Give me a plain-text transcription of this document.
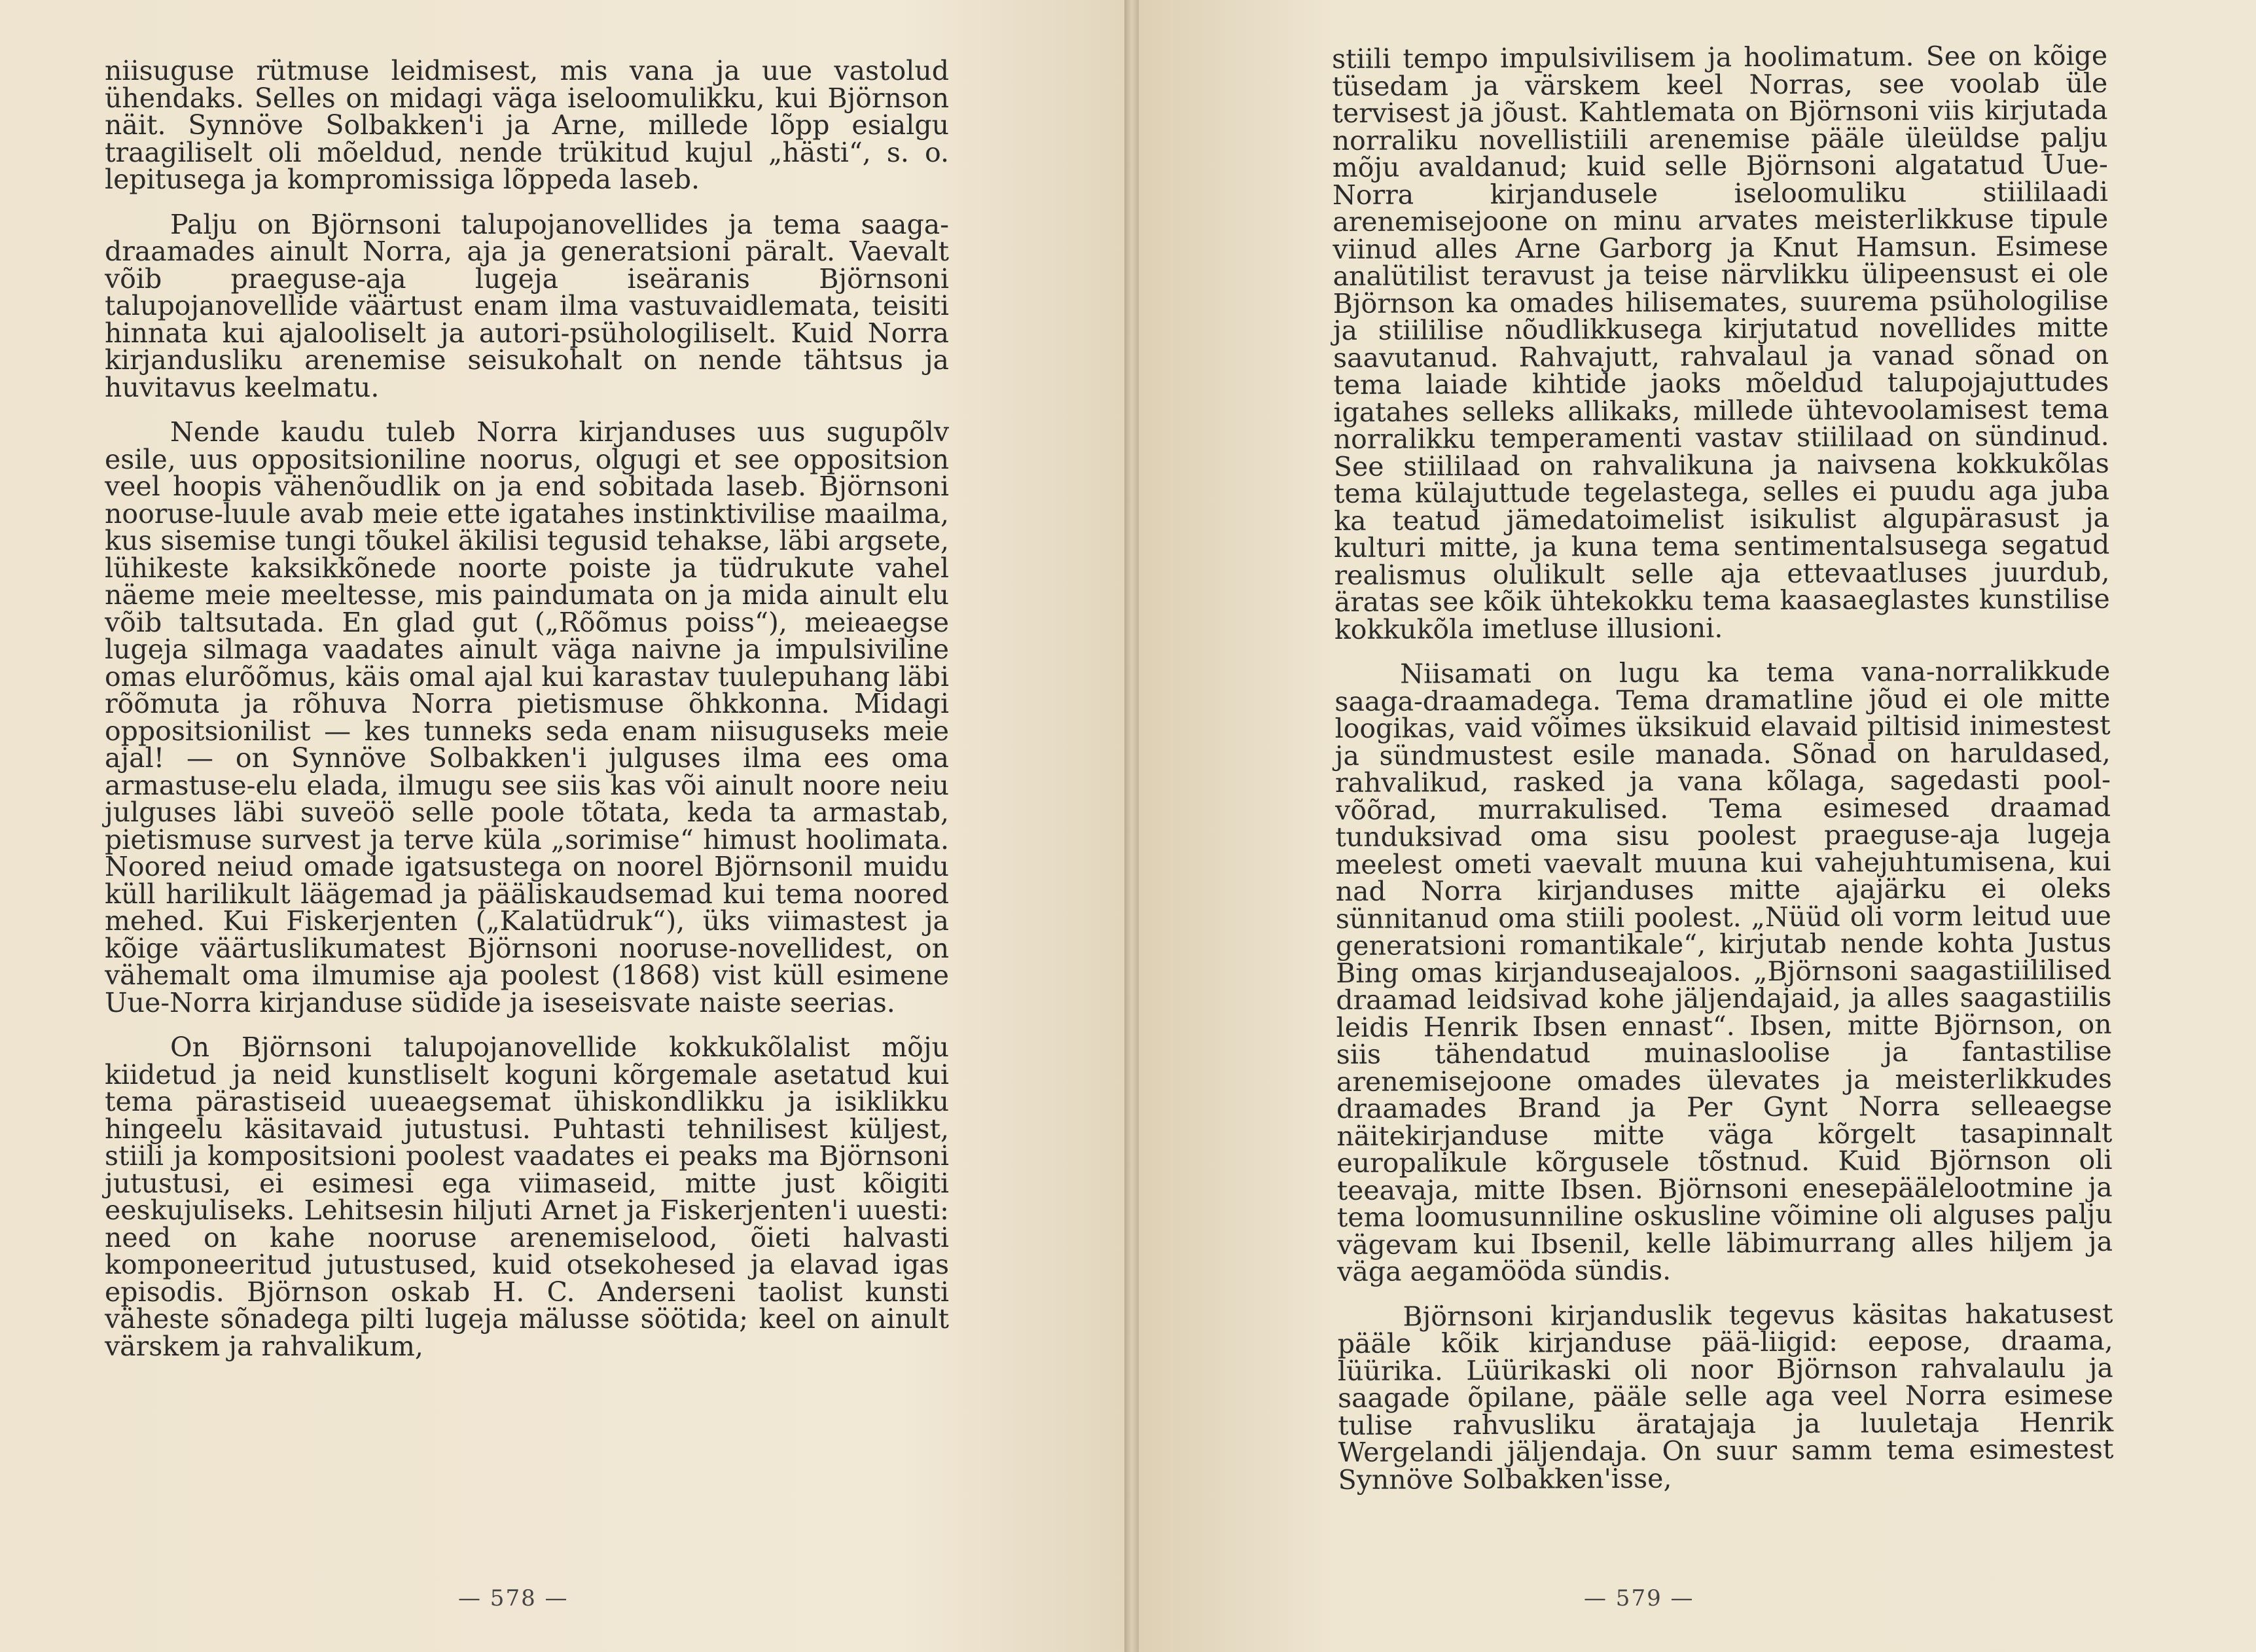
niisuguse rütmuse leidmisest, mis vana ja uue vastolud ühendaks. Selles on midagi väga iseloomulikku, kui Björnson näit. Synnöve Solbakken'i ja Arne, millede lõpp esialgu traagiliselt oli mõeldud, nende trükitud kujul „hästi“, s. o. lepitusega ja kompromissiga lõppeda laseb.

Palju on Björnsoni talupojanovellides ja tema saaga-draamades ainult Norra, aja ja generatsioni päralt. Vaevalt võib praeguse-aja lugeja iseäranis Björnsoni talupojanovellide väärtust enam ilma vastuvaidlemata, teisiti hinnata kui ajalooliselt ja autori-psühologiliselt. Kuid Norra kirjandusliku arenemise seisukohalt on nende tähtsus ja huvitavus keelmatu.

Nende kaudu tuleb Norra kirjanduses uus sugupõlv esile, uus oppositsioniline noorus, olgugi et see oppositsion veel hoopis vähenõudlik on ja end sobitada laseb. Björnsoni nooruse-luule avab meie ette igatahes instinktivilise maailma, kus sisemise tungi tõukel äkilisi tegusid tehakse, läbi argsete, lühikeste kaksikkõnede noorte poiste ja tüdrukute vahel näeme meie meeltesse, mis paindumata on ja mida ainult elu võib taltsutada. En glad gut („Rõõmus poiss“), meieaegse lugeja silmaga vaadates ainult väga naivne ja impulsiviline omas elurõõmus, käis omal ajal kui karastav tuulepuhang läbi rõõmuta ja rõhuva Norra pietismuse õhkkonna. Midagi oppositsionilist — kes tunneks seda enam niisuguseks meie ajal! — on Synnöve Solbakken'i julguses ilma ees oma armastuse-elu elada, ilmugu see siis kas või ainult noore neiu julguses läbi suveöö selle poole tõtata, keda ta armastab, pietismuse survest ja terve küla „sorimise“ himust hoolimata. Noored neiud omade igatsustega on noorel Björnsonil muidu küll harilikult läägemad ja pääliskaudsemad kui tema noored mehed. Kui Fiskerjenten („Kalatüdruk“), üks viimastest ja kõige väärtuslikumatest Björnsoni nooruse-novellidest, on vähemalt oma ilmumise aja poolest (1868) vist küll esimene Uue-Norra kirjanduse südide ja iseseisvate naiste seerias.

On Björnsoni talupojanovellide kokkukõlalist mõju kiidetud ja neid kunstliselt koguni kõrgemale asetatud kui tema pärastiseid uueaegsemat ühiskondlikku ja isiklikku hingeelu käsitavaid jutustusi. Puhtasti tehnilisest küljest, stiili ja kompositsioni poolest vaadates ei peaks ma Björnsoni jutustusi, ei esimesi ega viimaseid, mitte just kõigiti eeskujuliseks. Lehitsesin hiljuti Arnet ja Fiskerjenten'i uuesti: need on kahe nooruse arenemiselood, õieti halvasti komponeeritud jutustused, kuid otsekohesed ja elavad igas episodis. Björnson oskab H. C. Anderseni taolist kunsti väheste sõnadega pilti lugeja mälusse söötida; keel on ainult värskem ja rahvalikum,

— 578 —

stiili tempo impulsivilisem ja hoolimatum. See on kõige tüsedam ja värskem keel Norras, see voolab üle tervisest ja jõust. Kahtlemata on Björnsoni viis kirjutada norraliku novellistiili arenemise pääle üleüldse palju mõju avaldanud; kuid selle Björnsoni algatatud Uue-Norra kirjandusele iseloomuliku stiililaadi arenemisejoone on minu arvates meisterlikkuse tipule viinud alles Arne Garborg ja Knut Hamsun. Esimese analütilist teravust ja teise närvlikku ülipeensust ei ole Björnson ka omades hilisemates, suurema psühologilise ja stiililise nõudlikkusega kirjutatud novellides mitte saavutanud. Rahvajutt, rahvalaul ja vanad sõnad on tema laiade kihtide jaoks mõeldud talupojajuttudes igatahes selleks allikaks, millede ühtevoolamisest tema norralikku temperamenti vastav stiililaad on sündinud. See stiililaad on rahvalikuna ja naivsena kokkukõlas tema külajuttude tegelastega, selles ei puudu aga juba ka teatud jämedatoimelist isikulist algupärasust ja kulturi mitte, ja kuna tema sentimentalsusega segatud realismus olulikult selle aja ettevaatluses juurdub, äratas see kõik ühtekokku tema kaasaeglastes kunstilise kokkukõla imetluse illusioni.

Niisamati on lugu ka tema vana-norralikkude saaga-draamadega. Tema dramatline jõud ei ole mitte loogikas, vaid võimes üksikuid elavaid piltisid inimestest ja sündmustest esile manada. Sõnad on haruldased, rahvalikud, rasked ja vana kõlaga, sagedasti pool-võõrad, murrakulised. Tema esimesed draamad tunduksivad oma sisu poolest praeguse-aja lugeja meelest ometi vaevalt muuna kui vahejuhtumisena, kui nad Norra kirjanduses mitte ajajärku ei oleks sünnitanud oma stiili poolest. „Nüüd oli vorm leitud uue generatsioni romantikale“, kirjutab nende kohta Justus Bing omas kirjanduseajaloos. „Björnsoni saagastiililised draamad leidsivad kohe jäljendajaid, ja alles saagastiilis leidis Henrik Ibsen ennast“. Ibsen, mitte Björnson, on siis tähendatud muinasloolise ja fantastilise arenemisejoone omades ülevates ja meisterlikkudes draamades Brand ja Per Gynt Norra selleaegse näitekirjanduse mitte väga kõrgelt tasapinnalt europalikule kõrgusele tõstnud. Kuid Björnson oli teeavaja, mitte Ibsen. Björnsoni enesepäälelootmine ja tema loomusunniline oskusline võimine oli alguses palju vägevam kui Ibsenil, kelle läbimurrang alles hiljem ja väga aegamööda sündis.

Björnsoni kirjanduslik tegevus käsitas hakatusest pääle kõik kirjanduse pää-liigid: eepose, draama, lüürika. Lüürikaski oli noor Björnson rahvalaulu ja saagade õpilane, pääle selle aga veel Norra esimese tulise rahvusliku äratajaja ja luuletaja Henrik Wergelandi jäljendaja. On suur samm tema esimestest Synnöve Solbakken'isse,

— 579 —
